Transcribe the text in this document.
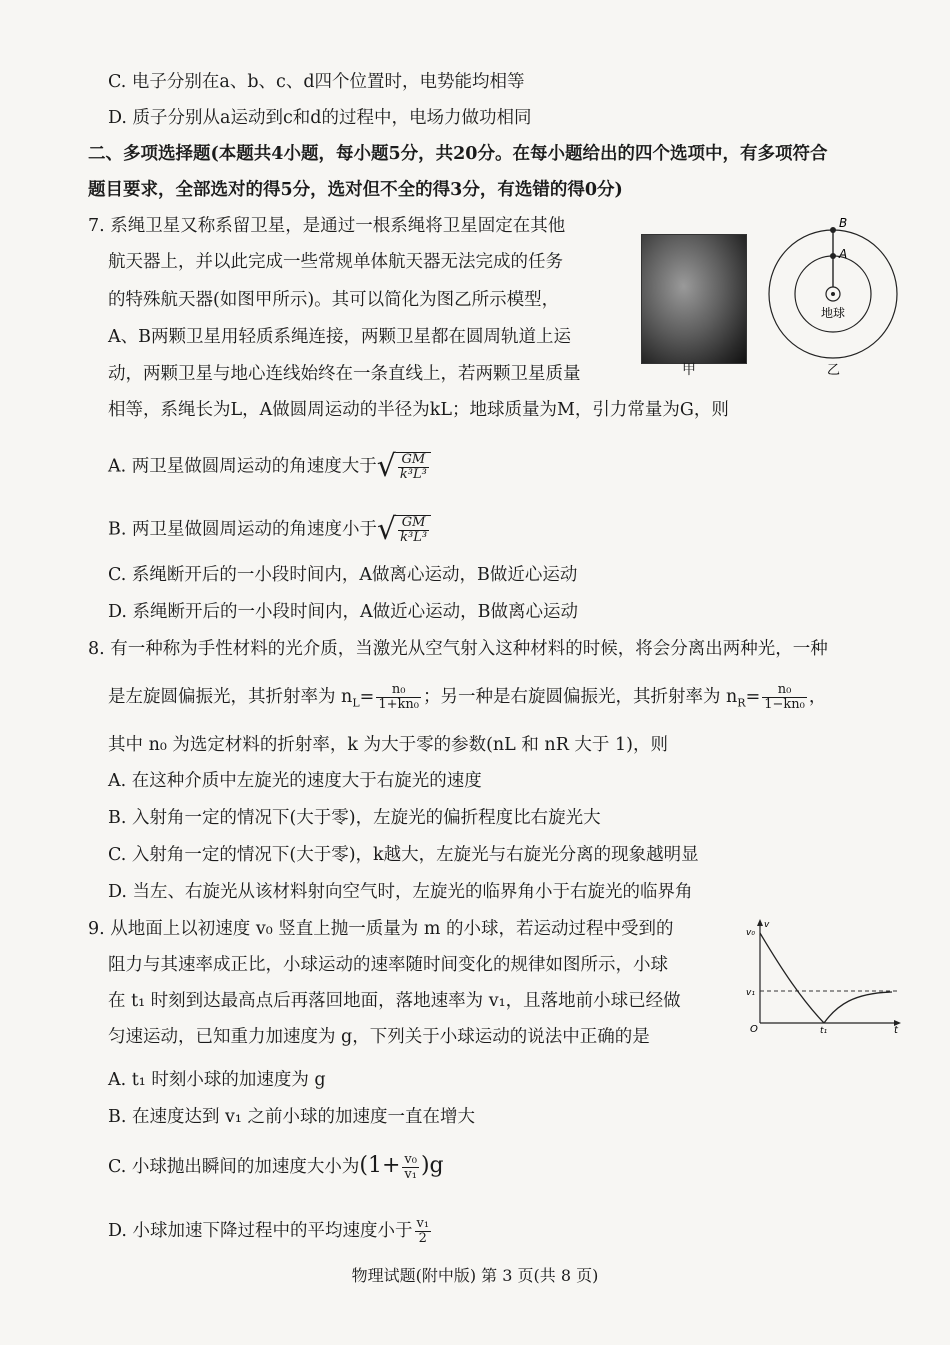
C. 电子分别在a、b、c、d四个位置时，电势能均相等
D. 质子分别从a运动到c和d的过程中，电场力做功相同
二、多项选择题(本题共4小题，每小题5分，共20分。在每小题给出的四个选项中，有多项符合
题目要求，全部选对的得5分，选对但不全的得3分，有选错的得0分)
7. 系绳卫星又称系留卫星，是通过一根系绳将卫星固定在其他
航天器上，并以此完成一些常规单体航天器无法完成的任务
的特殊航天器(如图甲所示)。其可以简化为图乙所示模型，
A、B两颗卫星用轻质系绳连接，两颗卫星都在圆周轨道上运
动，两颗卫星与地心连线始终在一条直线上，若两颗卫星质量
相等，系绳长为L，A做圆周运动的半径为kL；地球质量为M，引力常量为G，则
甲
B
A
地球
乙
A. 两卫星做圆周运动的角速度大于√ $\frac{GM}{\text{k³L³}}$
B. 两卫星做圆周运动的角速度小于√ $\frac{GM}{\text{k³L³}}$
C. 系绳断开后的一小段时间内，A做离心运动，B做近心运动
D. 系绳断开后的一小段时间内，A做近心运动，B做离心运动
8. 有一种称为手性材料的光介质，当激光从空气射入这种材料的时候，将会分离出两种光，一种
是左旋圆偏振光，其折射率为 $n_L= \frac{\text{n₀}}{\text{1+kn₀}}$ ；另一种是右旋圆偏振光，其折射率为 $n_R= \frac{\text{n₀}}{\text{1−kn₀}}$ ，
其中 n₀ 为选定材料的折射率，k 为大于零的参数(nL 和 nR 大于 1)，则
A. 在这种介质中左旋光的速度大于右旋光的速度
B. 入射角一定的情况下(大于零)，左旋光的偏折程度比右旋光大
C. 入射角一定的情况下(大于零)，k越大，左旋光与右旋光分离的现象越明显
D. 当左、右旋光从该材料射向空气时，左旋光的临界角小于右旋光的临界角
9. 从地面上以初速度 v₀ 竖直上抛一质量为 m 的小球，若运动过程中受到的
阻力与其速率成正比，小球运动的速率随时间变化的规律如图所示，小球
在 t₁ 时刻到达最高点后再落回地面，落地速率为 v₁，且落地前小球已经做
匀速运动，已知重力加速度为 g，下列关于小球运动的说法中正确的是
v₀
v
v₁
O	t₁	t
A. t₁ 时刻小球的加速度为 g
B. 在速度达到 v₁ 之前小球的加速度一直在增大
C. 小球抛出瞬间的加速度大小为$(1+ \frac{\text{v₀}}{\text{v₁}} )g$
D. 小球加速下降过程中的平均速度小于 $\frac{\text{v₁}}{2}$
物理试题(附中版) 第 3 页(共 8 页)
